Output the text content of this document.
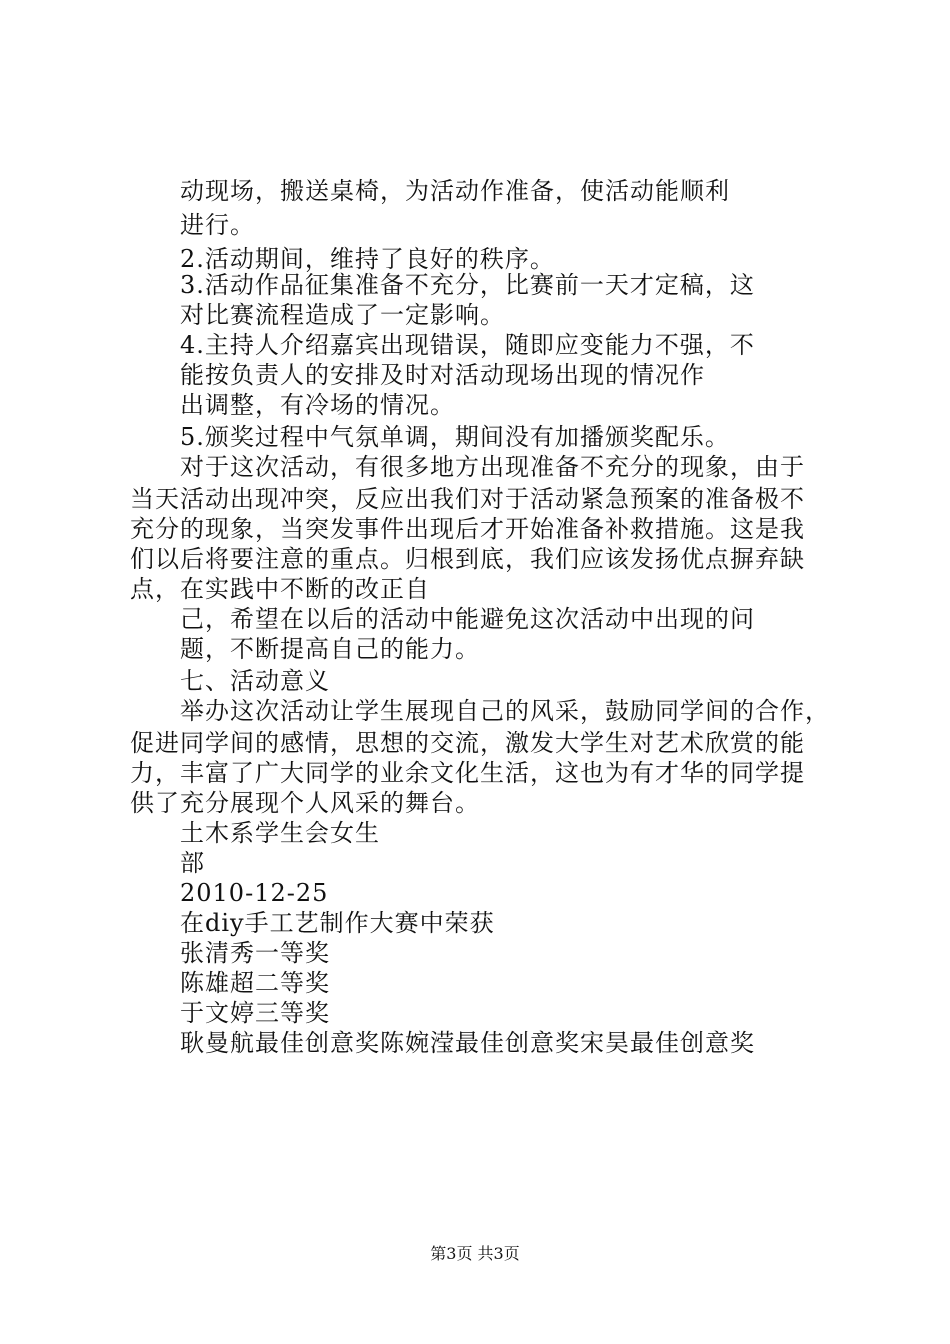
动现场，搬送桌椅，为活动作准备，使活动能顺利
进行。
2.活动期间，维持了良好的秩序。
3.活动作品征集准备不充分，比赛前一天才定稿，这
对比赛流程造成了一定影响。
4.主持人介绍嘉宾出现错误，随即应变能力不强，不
能按负责人的安排及时对活动现场出现的情况作
出调整，有冷场的情况。
5.颁奖过程中气氛单调，期间没有加播颁奖配乐。
对于这次活动，有很多地方出现准备不充分的现象，由于
当天活动出现冲突，反应出我们对于活动紧急预案的准备极不
充分的现象，当突发事件出现后才开始准备补救措施。这是我
们以后将要注意的重点。归根到底，我们应该发扬优点摒弃缺
点，在实践中不断的改正自
己，希望在以后的活动中能避免这次活动中出现的问
题，不断提高自己的能力。
七、活动意义
举办这次活动让学生展现自己的风采，鼓励同学间的合作，
促进同学间的感情，思想的交流，激发大学生对艺术欣赏的能
力，丰富了广大同学的业余文化生活，这也为有才华的同学提
供了充分展现个人风采的舞台。
土木系学生会女生
部
2010-12-25
在diy手工艺制作大赛中荣获
张清秀一等奖
陈雄超二等奖
于文婷三等奖
耿曼航最佳创意奖陈婉滢最佳创意奖宋昊最佳创意奖
第3页 共3页
